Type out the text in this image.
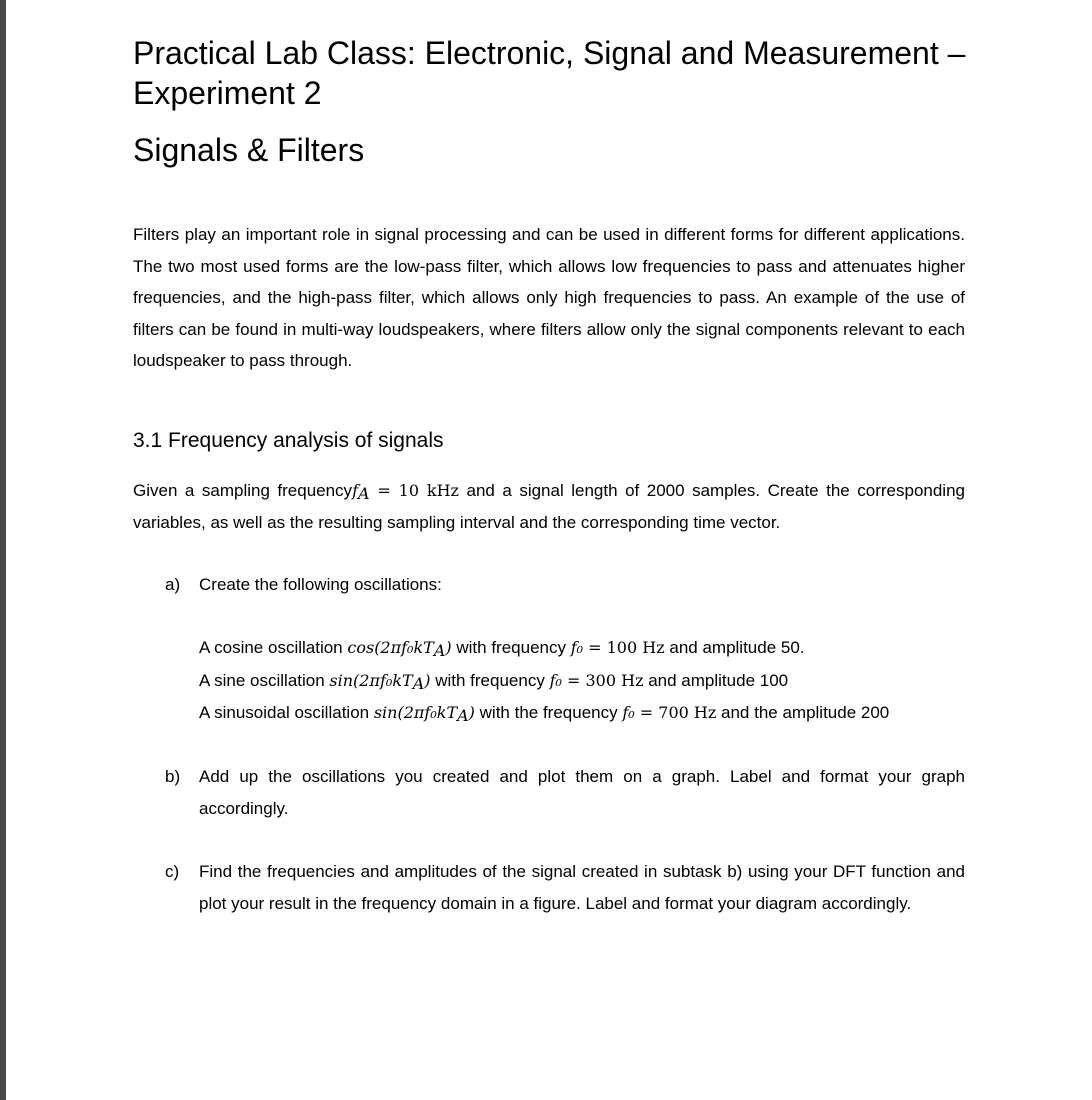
Practical Lab Class: Electronic, Signal and Measurement – Experiment 2
Signals & Filters

Filters play an important role in signal processing and can be used in different forms for different applications. The two most used forms are the low-pass filter, which allows low frequencies to pass and attenuates higher frequencies, and the high-pass filter, which allows only high frequencies to pass. An example of the use of filters can be found in multi-way loudspeakers, where filters allow only the signal components relevant to each loudspeaker to pass through.

3.1 Frequency analysis of signals

Given a sampling frequencyf$_A$ = 10 kHz and a signal length of 2000 samples. Create the corresponding variables, as well as the resulting sampling interval and the corresponding time vector.

a) Create the following oscillations:

A cosine oscillation $\cos(2\pi f_0kT_A)$ with frequency f₀ = 100 Hz and amplitude 50.

A sine oscillation $\sin(2\pi f_0kT_A)$ with frequency f₀ = 300 Hz and amplitude 100

A sinusoidal oscillation $\sin(2\pi f_0kT_A)$ with the frequency f₀ = 700 Hz and the amplitude 200

b) Add up the oscillations you created and plot them on a graph. Label and format your graph accordingly.
c) Find the frequencies and amplitudes of the signal created in subtask b) using your DFT function and plot your result in the frequency domain in a figure. Label and format your diagram accordingly.
